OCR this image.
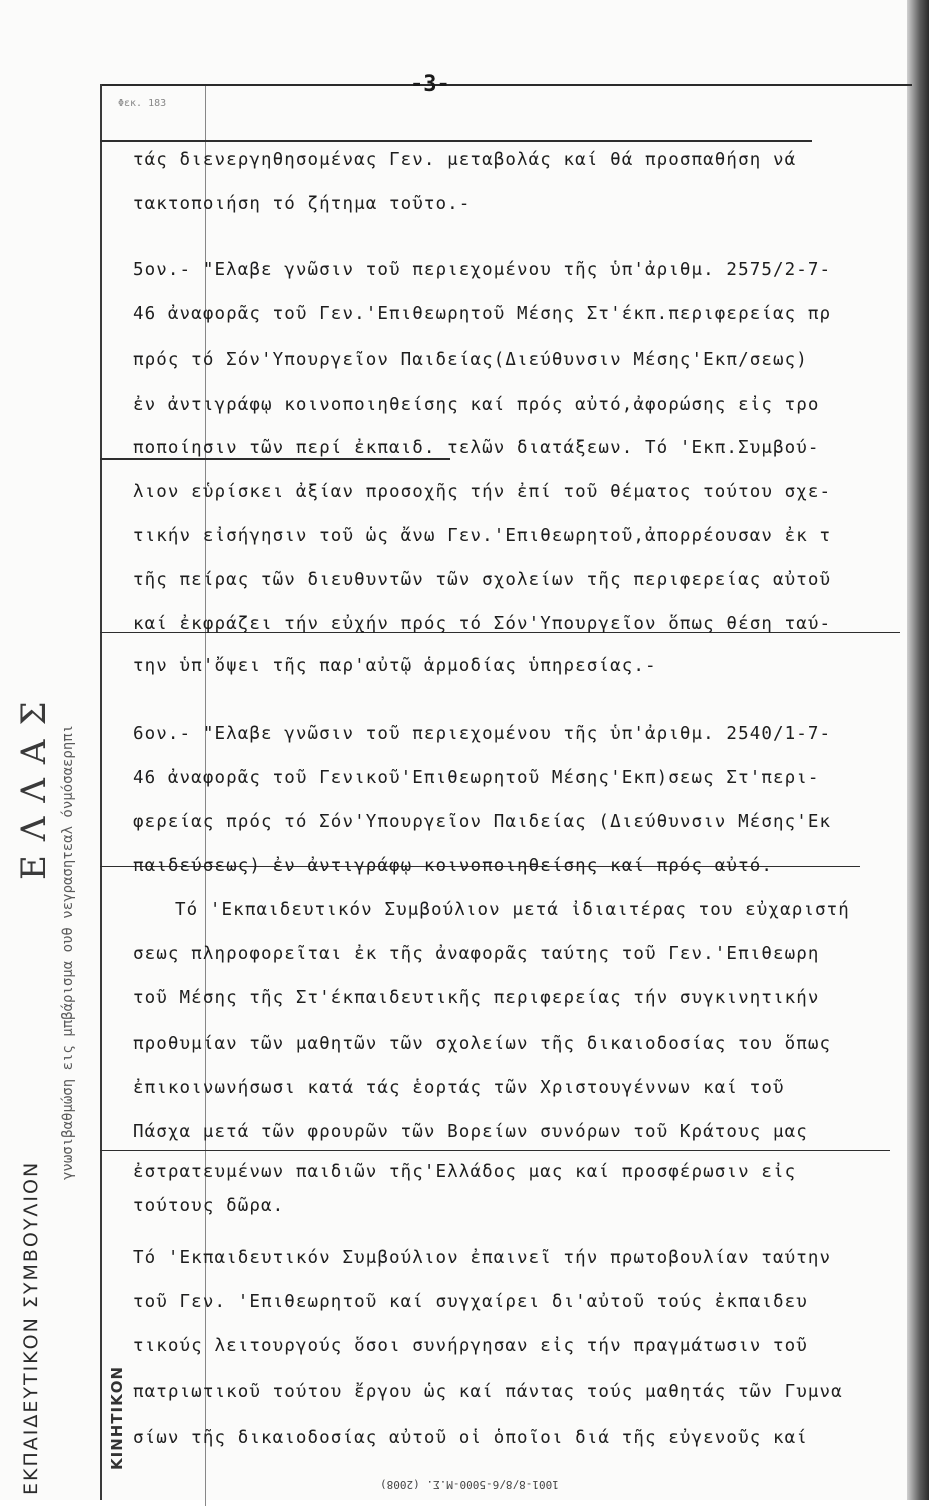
ΕΚΠΑΙΔΕΥΤΙΚΟΝ ΣΥΜΒΟΥΛΙΟΝ
ΕΛΛΑΣ γνωσιβαθμώση εις μπβάρισμα ουθ νεγρασητεαλ όνμόσαερηπι
ΚΙΝΗΤΙΚΟΝ
-3-
Φεκ. 183
τάς διενεργηθησομένας Γεν. μεταβολάς καί θά προσπαθήση νά
τακτοποιήση τό ζήτημα τοῦτο.-
5ον.- "Ελαβε γνῶσιν τοῦ περιεχομένου τῆς ὑπ'ἀριθμ. 2575/2-7-
46 ἀναφορᾶς τοῦ Γεν.'Επιθεωρητοῦ Μέσης Στ'έκπ.περιφερείας πρ
πρός τό Σόν'Υπουργεῖον Παιδείας(Διεύθυνσιν Μέσης'Εκπ/σεως)
ἐν ἀντιγράφῳ κοινοποιηθείσης καί πρός αὐτό,ἀφορώσης εἰς τρο
ποποίησιν τῶν περί ἐκπαιδ. τελῶν διατάξεων. Τό 'Εκπ.Συμβού-
λιον εὑρίσκει ἀξίαν προσοχῆς τήν ἐπί τοῦ θέματος τούτου σχε-
τικήν εἰσήγησιν τοῦ ὡς ἄνω Γεν.'Επιθεωρητοῦ,ἀπορρέουσαν ἐκ τ
τῆς πείρας τῶν διευθυντῶν τῶν σχολείων τῆς περιφερείας αὐτοῦ
καί ἐκφράζει τήν εὐχήν πρός τό Σόν'Υπουργεῖον ὅπως θέση ταύ-
την ὑπ'ὄψει τῆς παρ'αὐτῷ ἁρμοδίας ὑπηρεσίας.-
6ον.- "Ελαβε γνῶσιν τοῦ περιεχομένου τῆς ὑπ'ἀριθμ. 2540/1-7-
46 ἀναφορᾶς τοῦ Γενικοῦ'Επιθεωρητοῦ Μέσης'Εκπ)σεως Στ'περι-
φερείας πρός τό Σόν'Υπουργεῖον Παιδείας (Διεύθυνσιν Μέσης'Εκ
παιδεύσεως) ἐν ἀντιγράφῳ κοινοποιηθείσης καί πρός αὐτό.
Τό 'Εκπαιδευτικόν Συμβούλιον μετά ἰδιαιτέρας του εὐχαριστή
σεως πληροφορεῖται ἐκ τῆς ἀναφορᾶς ταύτης τοῦ Γεν.'Επιθεωρη
τοῦ Μέσης τῆς Στ'έκπαιδευτικῆς περιφερείας τήν συγκινητικήν
προθυμίαν τῶν μαθητῶν τῶν σχολείων τῆς δικαιοδοσίας του ὅπως
ἐπικοινωνήσωσι κατά τάς ἑορτάς τῶν Χριστουγέννων καί τοῦ
Πάσχα μετά τῶν φρουρῶν τῶν Βορείων συνόρων τοῦ Κράτους μας
ἐστρατευμένων παιδιῶν τῆς'Ελλάδος μας καί προσφέρωσιν εἰς
τούτους δῶρα.
Τό 'Εκπαιδευτικόν Συμβούλιον ἐπαινεῖ τήν πρωτοβουλίαν ταύτην
τοῦ Γεν. 'Επιθεωρητοῦ καί συγχαίρει δι'αὐτοῦ τούς ἐκπαιδευ
τικούς λειτουργούς ὅσοι συνήργησαν εἰς τήν πραγμάτωσιν τοῦ
πατριωτικοῦ τούτου ἔργου ὡς καί πάντας τούς μαθητάς τῶν Γυμνα
σίων τῆς δικαιοδοσίας αὐτοῦ οἱ ὁποῖοι διά τῆς εὐγενοῦς καί
1001-8/8/6-5000-Μ.Σ. (2008)
